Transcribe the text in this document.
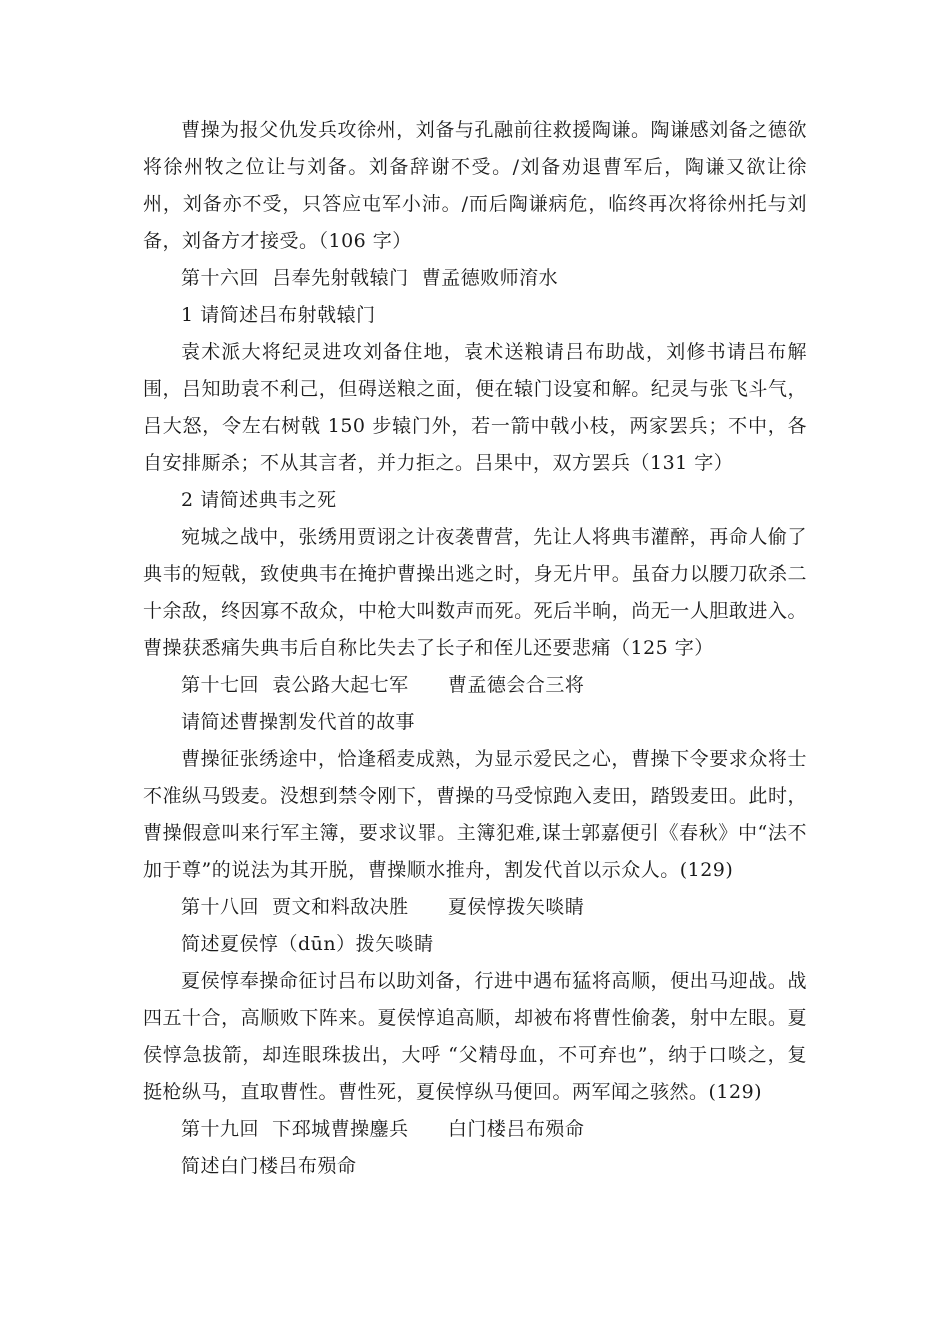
曹操为报父仇发兵攻徐州，刘备与孔融前往救援陶谦。陶谦感刘备之德欲将徐州牧之位让与刘备。刘备辞谢不受。/刘备劝退曹军后，陶谦又欲让徐州，刘备亦不受，只答应屯军小沛。/而后陶谦病危，临终再次将徐州托与刘备，刘备方才接受。（106 字）

第十六回  吕奉先射戟辕门  曹孟德败师淯水

1 请简述吕布射戟辕门

袁术派大将纪灵进攻刘备住地，袁术送粮请吕布助战，刘修书请吕布解围，吕知助袁不利己，但碍送粮之面，便在辕门设宴和解。纪灵与张飞斗气，吕大怒，令左右树戟 150 步辕门外，若一箭中戟小枝，两家罢兵；不中，各自安排厮杀；不从其言者，并力拒之。吕果中，双方罢兵（131 字）

2 请简述典韦之死

宛城之战中，张绣用贾诩之计夜袭曹营，先让人将典韦灌醉，再命人偷了典韦的短戟，致使典韦在掩护曹操出逃之时，身无片甲。虽奋力以腰刀砍杀二十余敌，终因寡不敌众，中枪大叫数声而死。死后半晌，尚无一人胆敢进入。曹操获悉痛失典韦后自称比失去了长子和侄儿还要悲痛（125 字）

第十七回  袁公路大起七军      曹孟德会合三将

请简述曹操割发代首的故事

曹操征张绣途中，恰逢稻麦成熟，为显示爱民之心，曹操下令要求众将士不准纵马毁麦。没想到禁令刚下，曹操的马受惊跑入麦田，踏毁麦田。此时，曹操假意叫来行军主簿，要求议罪。主簿犯难,谋士郭嘉便引《春秋》中“法不加于尊”的说法为其开脱，曹操顺水推舟，割发代首以示众人。(129)

第十八回  贾文和料敌决胜      夏侯惇拨矢啖睛

简述夏侯惇（dūn）拨矢啖睛

夏侯惇奉操命征讨吕布以助刘备，行进中遇布猛将高顺，便出马迎战。战四五十合，高顺败下阵来。夏侯惇追高顺，却被布将曹性偷袭，射中左眼。夏侯惇急拔箭，却连眼珠拔出，大呼 “父精母血，不可弃也”，纳于口啖之，复挺枪纵马，直取曹性。曹性死，夏侯惇纵马便回。两军闻之骇然。(129)

第十九回  下邳城曹操鏖兵      白门楼吕布殒命

简述白门楼吕布殒命
